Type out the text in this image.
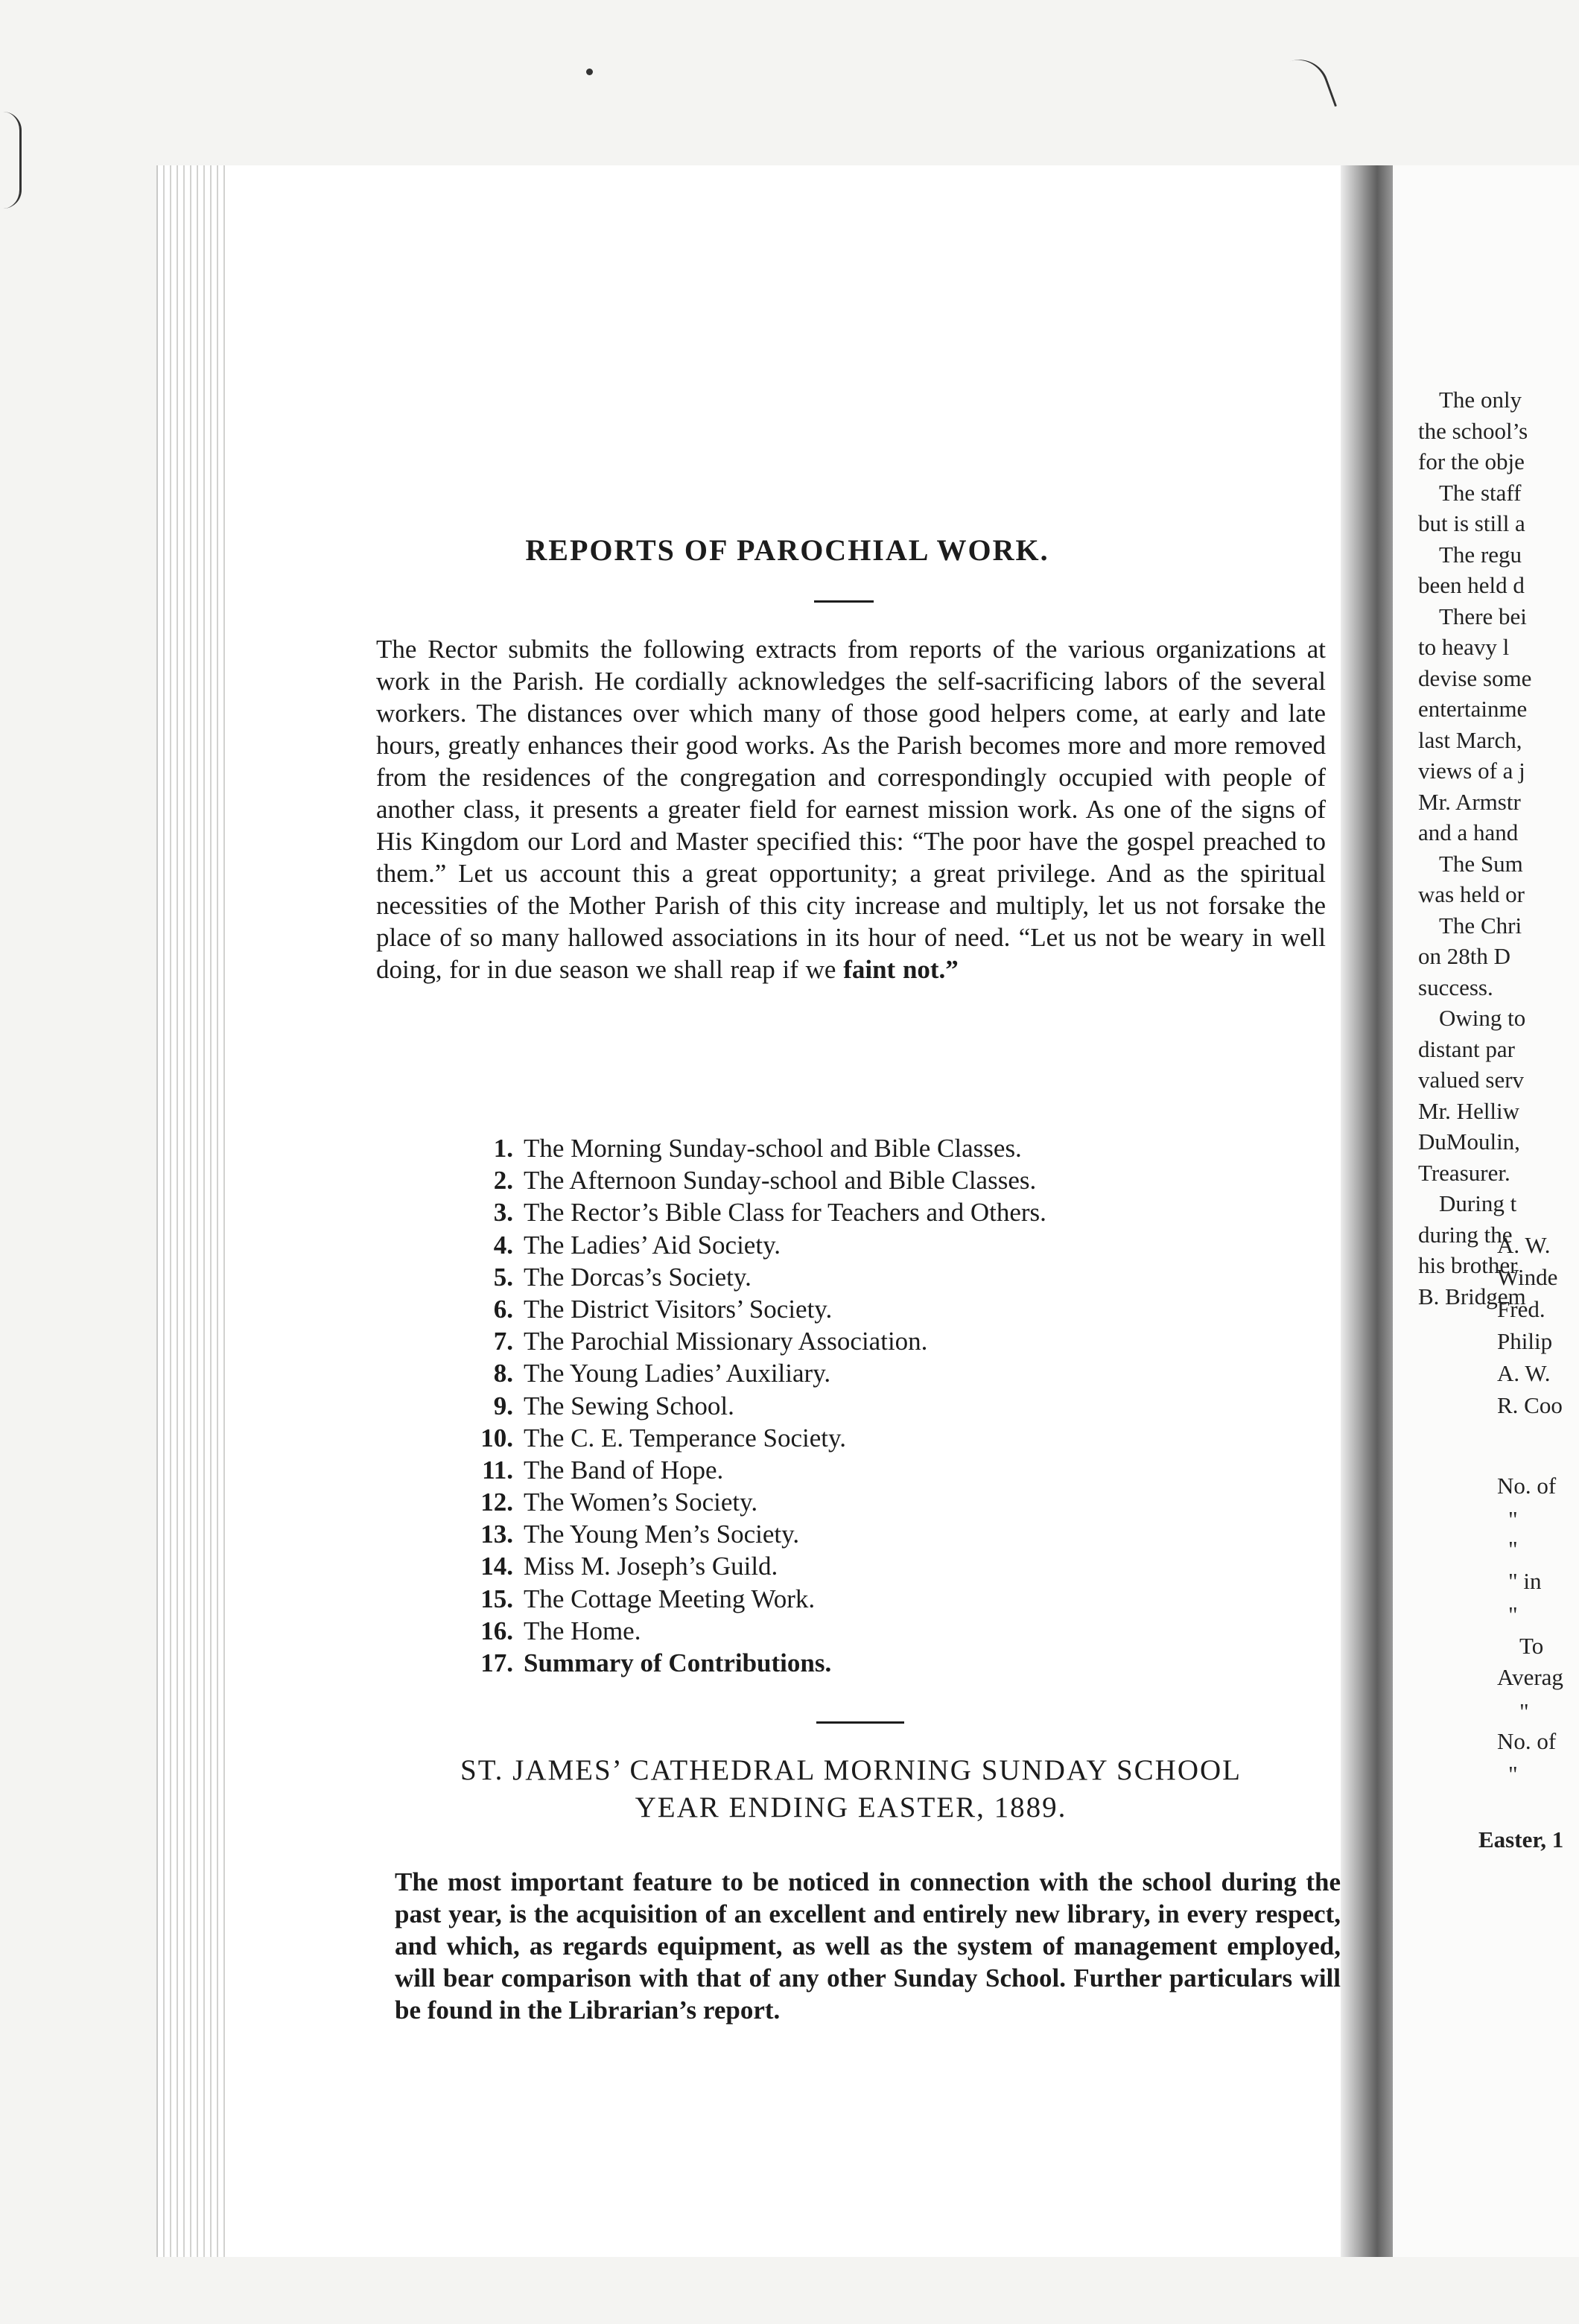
The only
the school’s
for the obje
The staff
but is still a
The regu
been held d
There bei
to heavy l
devise some
entertainme
last March,
views of a j
Mr. Armstr
and a hand
The Sum
was held or
The Chri
on 28th D
success.
Owing to
distant par
valued serv
Mr. Helliw
DuMoulin,
Treasurer.
During t
during the
his brother
B. Bridgem
A. W.
Winde
Fred.
Philip
A. W.
R. Coo
No. of
"
"
" in
"
To
Averag
"
No. of
"
Easter, 1
REPORTS OF PAROCHIAL WORK.

The Rector submits the following extracts from reports of the various organizations at work in the Parish. He cordially acknowledges the self-sacrificing labors of the several workers. The distances over which many of those good helpers come, at early and late hours, greatly enhances their good works. As the Parish becomes more and more removed from the residences of the congregation and correspondingly occupied with people of another class, it presents a greater field for earnest mission work. As one of the signs of His Kingdom our Lord and Master specified this: “The poor have the gospel preached to them.” Let us account this a great opportunity; a great privilege. And as the spiritual necessities of the Mother Parish of this city increase and multiply, let us not forsake the place of so many hallowed associations in its hour of need. “Let us not be weary in well doing, for in due season we shall reap if we faint not.”

1. The Morning Sunday-school and Bible Classes.
2. The Afternoon Sunday-school and Bible Classes.
3. The Rector’s Bible Class for Teachers and Others.
4. The Ladies’ Aid Society.
5. The Dorcas’s Society.
6. The District Visitors’ Society.
7. The Parochial Missionary Association.
8. The Young Ladies’ Auxiliary.
9. The Sewing School.
10. The C. E. Temperance Society.
11. The Band of Hope.
12. The Women’s Society.
13. The Young Men’s Society.
14. Miss M. Joseph’s Guild.
15. The Cottage Meeting Work.
16. The Home.
17. Summary of Contributions.
ST. JAMES’ CATHEDRAL MORNING SUNDAY SCHOOL
YEAR ENDING EASTER, 1889.

The most important feature to be noticed in connection with the school during the past year, is the acquisition of an excellent and entirely new library, in every respect, and which, as regards equipment, as well as the system of management employed, will bear comparison with that of any other Sunday School. Further particulars will be found in the Librarian’s report.
